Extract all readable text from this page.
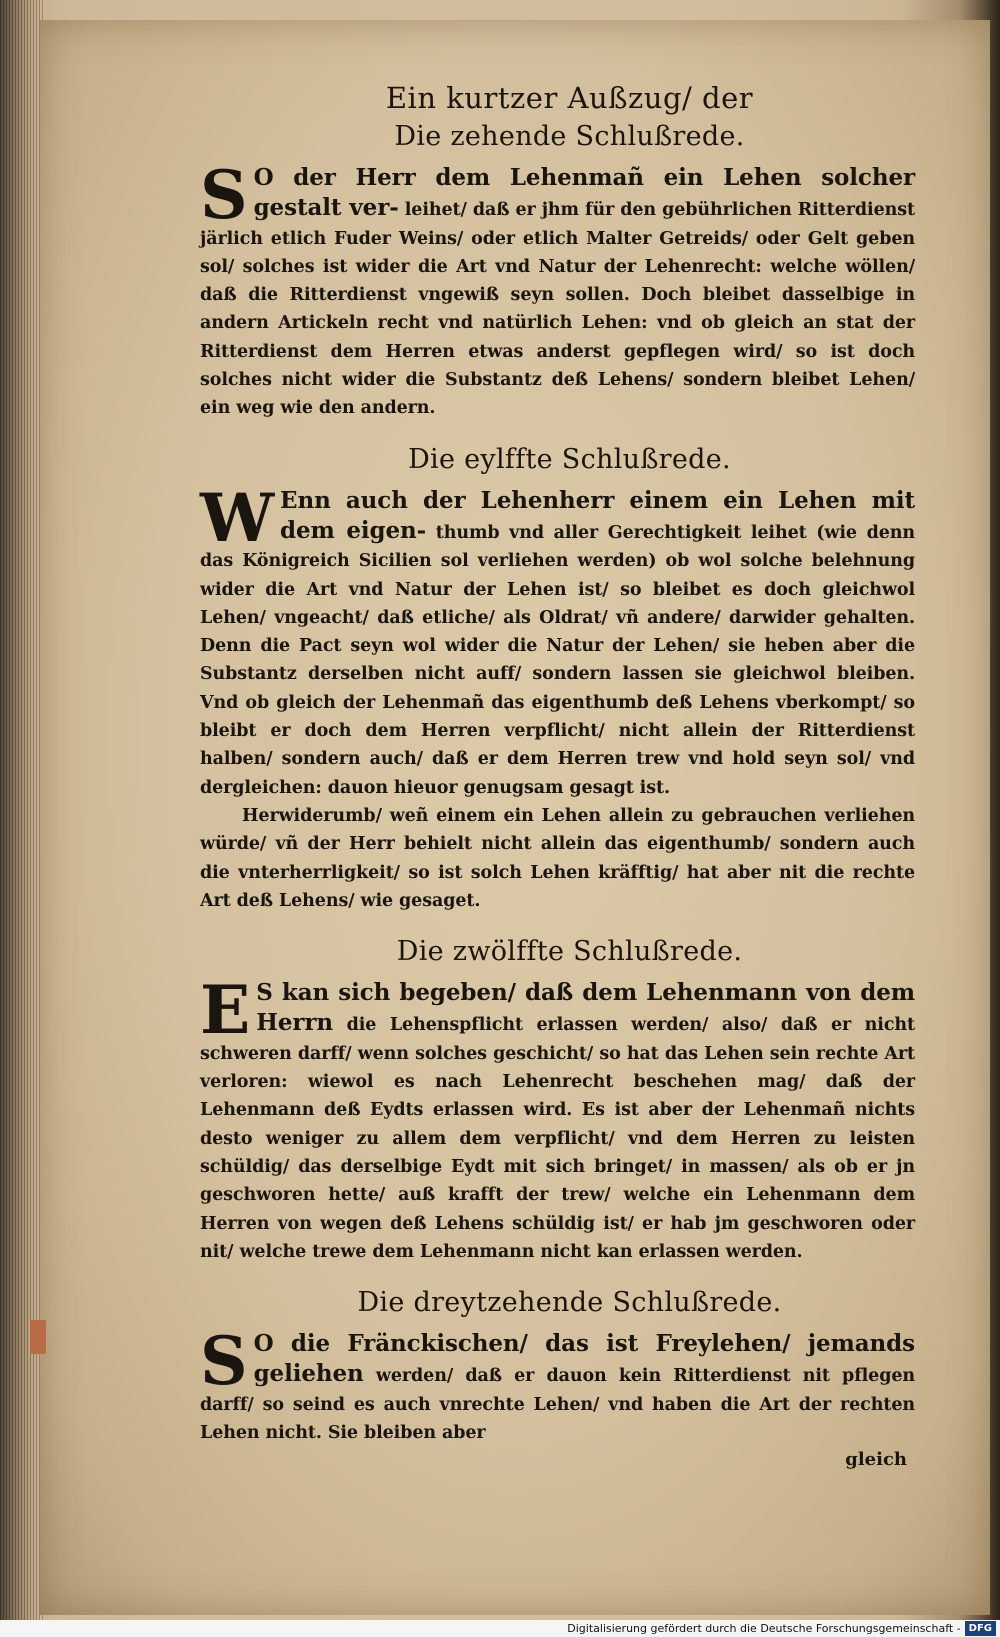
Ein kurtzer Außzug/ der
Die zehende Schlußrede.

S O der Herr dem Lehenmañ ein Lehen solcher gestalt ver- leihet/ daß er jhm für den gebührlichen Ritterdienst järlich etlich Fuder Weins/ oder etlich Malter Getreids/ oder Gelt geben sol/ solches ist wider die Art vnd Natur der Lehenrecht: welche wöllen/ daß die Ritterdienst vngewiß seyn sollen. Doch bleibet dasselbige in andern Artickeln recht vnd natürlich Lehen: vnd ob gleich an stat der Ritterdienst dem Herren etwas anderst gepflegen wird/ so ist doch solches nicht wider die Substantz deß Lehens/ sondern bleibet Lehen/ ein weg wie den andern.

Die eylffte Schlußrede.

W Enn auch der Lehenherr einem ein Lehen mit dem eigen- thumb vnd aller Gerechtigkeit leihet (wie denn das Königreich Sicilien sol verliehen werden) ob wol solche belehnung wider die Art vnd Natur der Lehen ist/ so bleibet es doch gleichwol Lehen/ vngeacht/ daß etliche/ als Oldrat/ vñ andere/ darwider gehalten. Denn die Pact seyn wol wider die Natur der Lehen/ sie heben aber die Substantz derselben nicht auff/ sondern lassen sie gleichwol bleiben. Vnd ob gleich der Lehenmañ das eigenthumb deß Lehens vberkompt/ so bleibt er doch dem Herren verpflicht/ nicht allein der Ritterdienst halben/ sondern auch/ daß er dem Herren trew vnd hold seyn sol/ vnd dergleichen: dauon hieuor genugsam gesagt ist.

Herwiderumb/ weñ einem ein Lehen allein zu gebrauchen verliehen würde/ vñ der Herr behielt nicht allein das eigenthumb/ sondern auch die vnterherrligkeit/ so ist solch Lehen kräfftig/ hat aber nit die rechte Art deß Lehens/ wie gesaget.

Die zwölffte Schlußrede.

E S kan sich begeben/ daß dem Lehenmann von dem Herrn die Lehenspflicht erlassen werden/ also/ daß er nicht schweren darff/ wenn solches geschicht/ so hat das Lehen sein rechte Art verloren: wiewol es nach Lehenrecht beschehen mag/ daß der Lehenmann deß Eydts erlassen wird. Es ist aber der Lehenmañ nichts desto weniger zu allem dem verpflicht/ vnd dem Herren zu leisten schüldig/ das derselbige Eydt mit sich bringet/ in massen/ als ob er jn geschworen hette/ auß krafft der trew/ welche ein Lehenmann dem Herren von wegen deß Lehens schüldig ist/ er hab jm geschworen oder nit/ welche trewe dem Lehenmann nicht kan erlassen werden.

Die dreytzehende Schlußrede.

S O die Fränckischen/ das ist Freylehen/ jemands geliehen werden/ daß er dauon kein Ritterdienst nit pflegen darff/ so seind es auch vnrechte Lehen/ vnd haben die Art der rechten Lehen nicht. Sie bleiben aber

gleich
Digitalisierung gefördert durch die Deutsche Forschungsgemeinschaft - DFG
